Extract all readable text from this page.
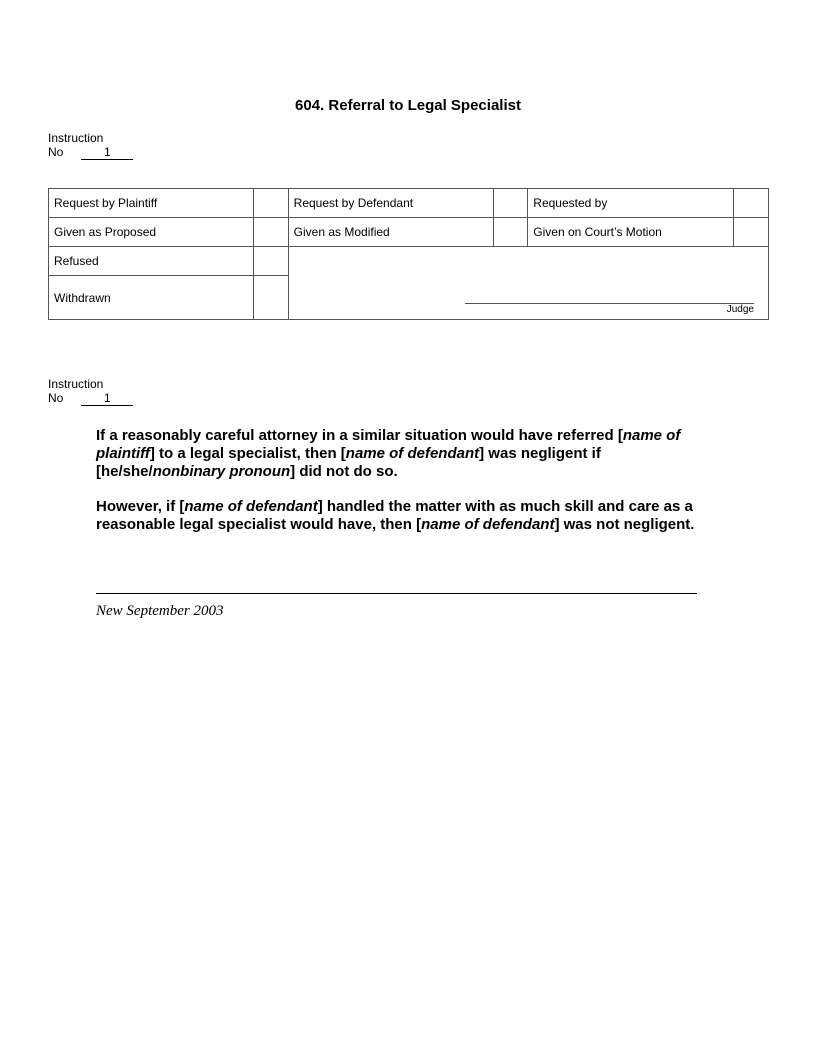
604. Referral to Legal Specialist
Instruction
No	1
Request by Plaintiff		Request by Defendant		Requested by	
Given as Proposed		Given as Modified		Given on Court’s Motion	
Refused		Judge			

Withdrawn					
Instruction
No	1

If a reasonably careful attorney in a similar situation would have referred [name of plaintiff] to a legal specialist, then [name of defendant] was negligent if [he/she/nonbinary pronoun] did not do so.

However, if [name of defendant] handled the matter with as much skill and care as a reasonable legal specialist would have, then [name of defendant] was not negligent.

New September 2003
